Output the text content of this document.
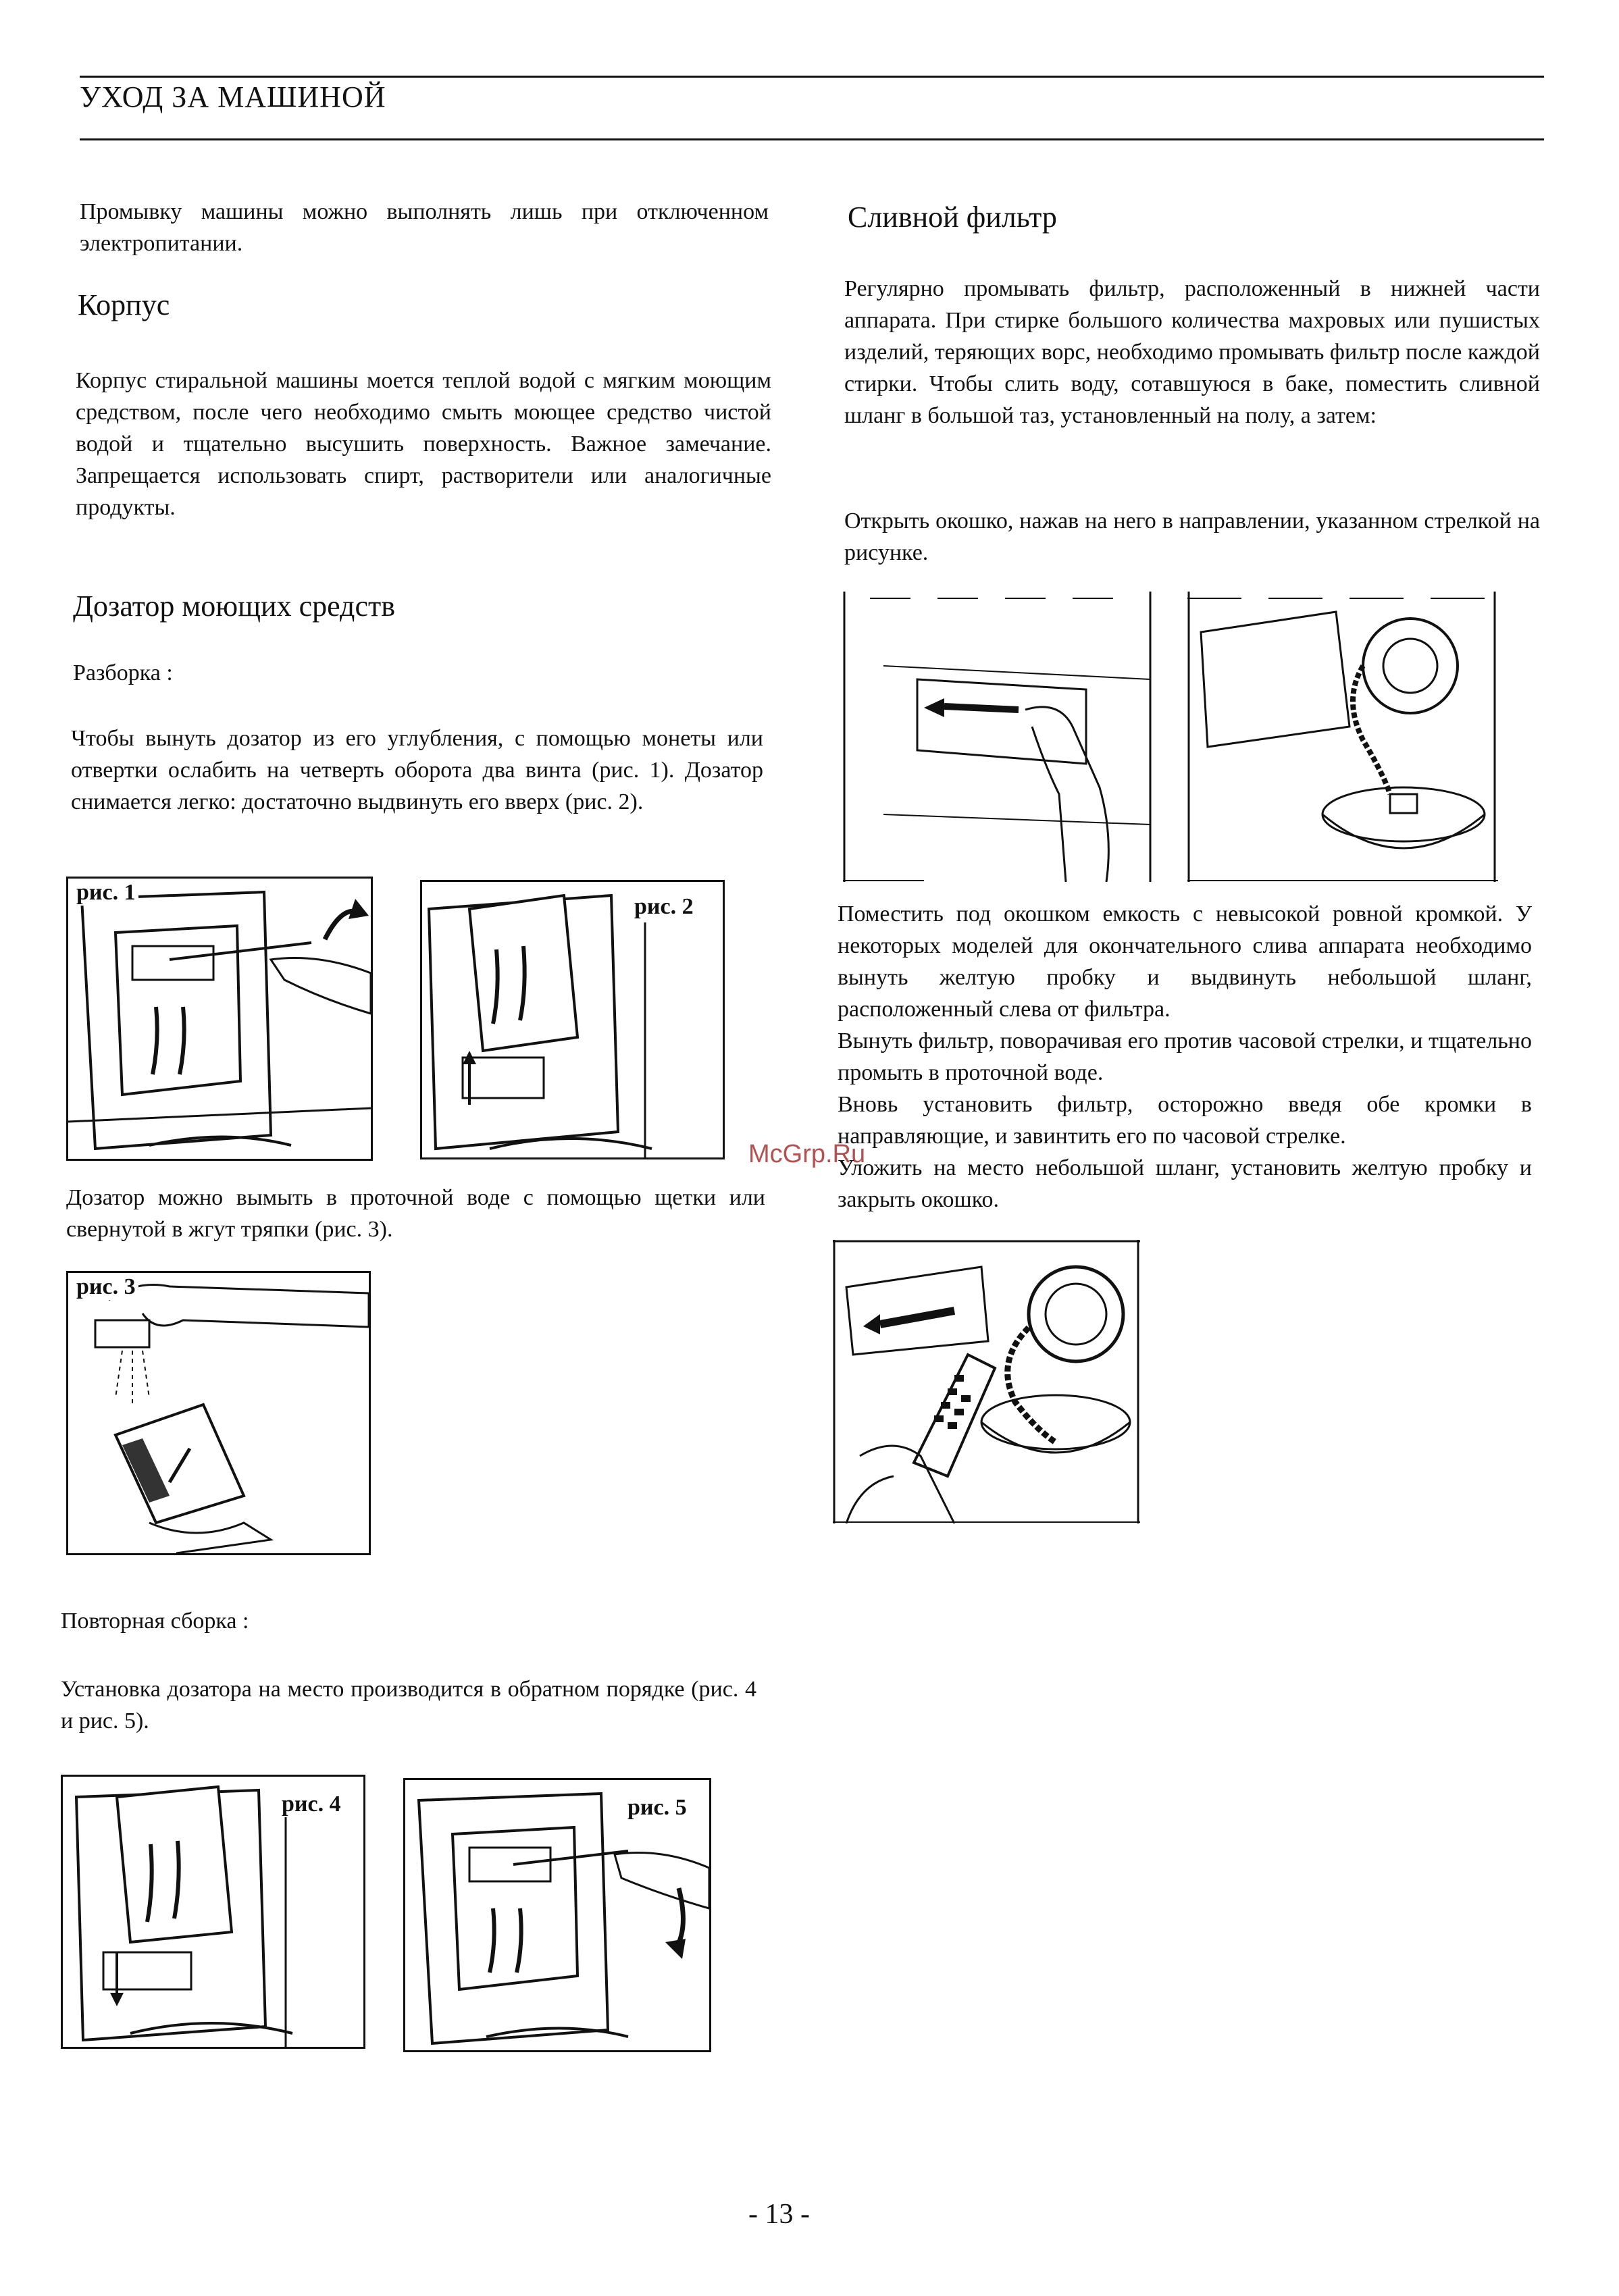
УХОД ЗА МАШИНОЙ
Промывку машины можно выполнять лишь при отключенном электропитании.
Корпус
Корпус стиральной машины моется теплой водой с мягким моющим средством, после чего необходимо смыть моющее средство чистой водой и тщательно высушить поверхность. Важное замечание. Запрещается использовать спирт, растворители или аналогичные продукты.
Дозатор моющих средств
Разборка :
Чтобы вынуть дозатор из его углубления, с помощью монеты или отвертки ослабить на четверть оборота два винта (рис. 1). Дозатор снимается легко: достаточно выдвинуть его вверх (рис. 2).
рис. 1
рис. 2
Дозатор можно вымыть в проточной воде с помощью щетки или свернутой в жгут тряпки (рис. 3).
рис. 3
Повторная сборка :
Установка дозатора на место производится в обратном порядке (рис. 4 и рис. 5).
рис. 4	рис. 5
Сливной фильтр
Регулярно промывать фильтр, расположенный в нижней части аппарата. При стирке большого количества махровых или пушистых изделий, теряющих ворс, необходимо промывать фильтр после каждой стирки. Чтобы слить воду, сотавшуюся в баке, поместить сливной шланг в большой таз, установленный на полу, а затем:
Открыть окошко, нажав на него в направлении, указанном стрелкой на рисунке.
McGrp.Ru
Поместить под окошком емкость с невысокой ровной кромкой. У некоторых моделей для окончательного слива аппарата необходимо вынуть желтую пробку и выдвинуть небольшой шланг, расположенный слева от фильтра.
Вынуть фильтр, поворачивая его против часовой стрелки, и тщательно промыть в проточной воде.
Вновь установить фильтр, осторожно введя обе кромки в направляющие, и завинтить его по часовой стрелке.
Уложить на место небольшой шланг, установить желтую пробку и закрыть окошко.
- 13 -
